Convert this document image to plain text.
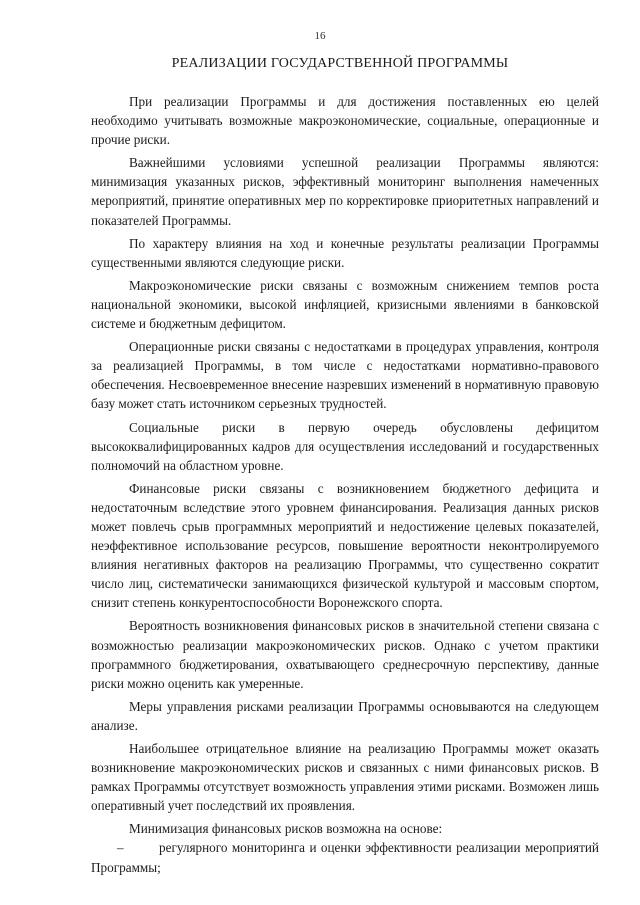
16
РЕАЛИЗАЦИИ ГОСУДАРСТВЕННОЙ ПРОГРАММЫ

При реализации Программы и для достижения поставленных ею целей необходимо учитывать возможные макроэкономические, социальные, операционные и прочие риски.

Важнейшими условиями успешной реализации Программы являются: минимизация указанных рисков, эффективный мониторинг выполнения намеченных мероприятий, принятие оперативных мер по корректировке приоритетных направлений и показателей Программы.

По характеру влияния на ход и конечные результаты реализации Программы существенными являются следующие риски.

Макроэкономические риски связаны с возможным снижением темпов роста национальной экономики, высокой инфляцией, кризисными явлениями в банковской системе и бюджетным дефицитом.

Операционные риски связаны с недостатками в процедурах управления, контроля за реализацией Программы, в том числе с недостатками нормативно-правового обеспечения. Несвоевременное внесение назревших изменений в нормативную правовую базу может стать источником серьезных трудностей.

Социальные риски в первую очередь обусловлены дефицитом высококвалифицированных кадров для осуществления исследований и государственных полномочий на областном уровне.

Финансовые риски связаны с возникновением бюджетного дефицита и недостаточным вследствие этого уровнем финансирования. Реализация данных рисков может повлечь срыв программных мероприятий и недостижение целевых показателей, неэффективное использование ресурсов, повышение вероятности неконтролируемого влияния негативных факторов на реализацию Программы, что существенно сократит число лиц, систематически занимающихся физической культурой и массовым спортом, снизит степень конкурентоспособности Воронежского спорта.

Вероятность возникновения финансовых рисков в значительной степени связана с возможностью реализации макроэкономических рисков. Однако с учетом практики программного бюджетирования, охватывающего среднесрочную перспективу, данные риски можно оценить как умеренные.

Меры управления рисками реализации Программы основываются на следующем анализе.

Наибольшее отрицательное влияние на реализацию Программы может оказать возникновение макроэкономических рисков и связанных с ними финансовых рисков. В рамках Программы отсутствует возможность управления этими рисками. Возможен лишь оперативный учет последствий их проявления.

Минимизация финансовых рисков возможна на основе:

–	регулярного мониторинга и оценки эффективности реализации мероприятий Программы;
